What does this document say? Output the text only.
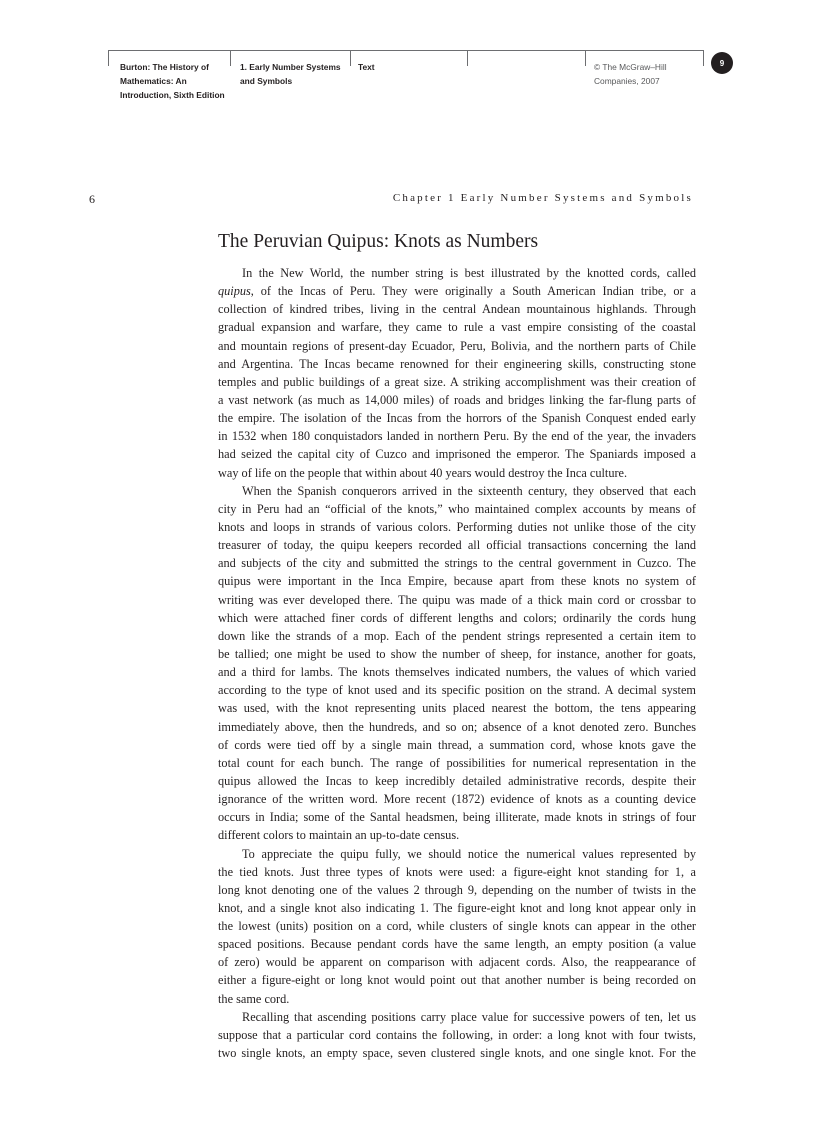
Burton: The History of
Mathematics: An
Introduction, Sixth Edition
1. Early Number Systems
and Symbols
Text	© The McGraw–Hill
Companies, 2007
9
6	Chapter 1 Early Number Systems and Symbols
The Peruvian Quipus: Knots as Numbers
In the New World, the number string is best illustrated by the knotted cords, called
quipus, of the Incas of Peru. They were originally a South American Indian tribe, or a
collection of kindred tribes, living in the central Andean mountainous highlands. Through
gradual expansion and warfare, they came to rule a vast empire consisting of the coastal
and mountain regions of present-day Ecuador, Peru, Bolivia, and the northern parts of Chile
and Argentina. The Incas became renowned for their engineering skills, constructing stone
temples and public buildings of a great size. A striking accomplishment was their creation of
a vast network (as much as 14,000 miles) of roads and bridges linking the far-flung parts of
the empire. The isolation of the Incas from the horrors of the Spanish Conquest ended early
in 1532 when 180 conquistadors landed in northern Peru. By the end of the year, the invaders
had seized the capital city of Cuzco and imprisoned the emperor. The Spaniards imposed a
way of life on the people that within about 40 years would destroy the Inca culture.
When the Spanish conquerors arrived in the sixteenth century, they observed that each
city in Peru had an “official of the knots,” who maintained complex accounts by means of
knots and loops in strands of various colors. Performing duties not unlike those of the city
treasurer of today, the quipu keepers recorded all official transactions concerning the land
and subjects of the city and submitted the strings to the central government in Cuzco. The
quipus were important in the Inca Empire, because apart from these knots no system of
writing was ever developed there. The quipu was made of a thick main cord or crossbar to
which were attached finer cords of different lengths and colors; ordinarily the cords hung
down like the strands of a mop. Each of the pendent strings represented a certain item to
be tallied; one might be used to show the number of sheep, for instance, another for goats,
and a third for lambs. The knots themselves indicated numbers, the values of which varied
according to the type of knot used and its specific position on the strand. A decimal system
was used, with the knot representing units placed nearest the bottom, the tens appearing
immediately above, then the hundreds, and so on; absence of a knot denoted zero. Bunches
of cords were tied off by a single main thread, a summation cord, whose knots gave the
total count for each bunch. The range of possibilities for numerical representation in the
quipus allowed the Incas to keep incredibly detailed administrative records, despite their
ignorance of the written word. More recent (1872) evidence of knots as a counting device
occurs in India; some of the Santal headsmen, being illiterate, made knots in strings of four
different colors to maintain an up-to-date census.
To appreciate the quipu fully, we should notice the numerical values represented by
the tied knots. Just three types of knots were used: a figure-eight knot standing for 1, a
long knot denoting one of the values 2 through 9, depending on the number of twists in the
knot, and a single knot also indicating 1. The figure-eight knot and long knot appear only in
the lowest (units) position on a cord, while clusters of single knots can appear in the other
spaced positions. Because pendant cords have the same length, an empty position (a value
of zero) would be apparent on comparison with adjacent cords. Also, the reappearance of
either a figure-eight or long knot would point out that another number is being recorded on
the same cord.
Recalling that ascending positions carry place value for successive powers of ten, let us
suppose that a particular cord contains the following, in order: a long knot with four twists,
two single knots, an empty space, seven clustered single knots, and one single knot. For the
